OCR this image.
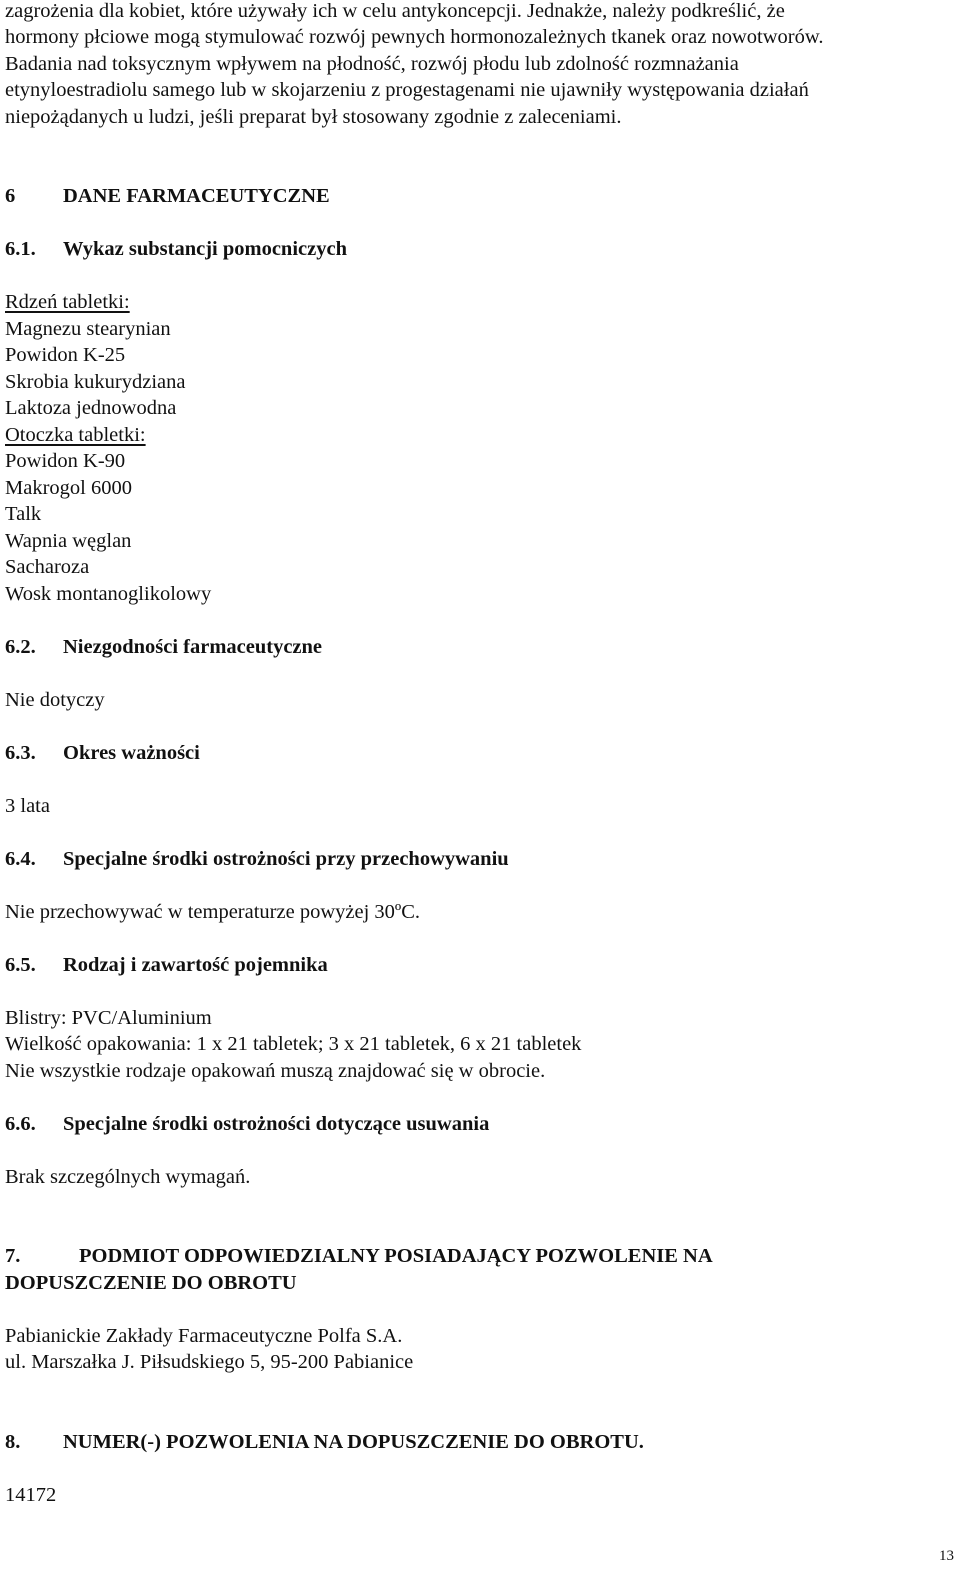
zagrożenia dla kobiet, które używały ich w celu antykoncepcji. Jednakże, należy podkreślić, że
hormony płciowe mogą stymulować rozwój pewnych hormonozależnych tkanek oraz nowotworów.
Badania nad toksycznym wpływem na płodność, rozwój płodu lub zdolność rozmnażania
etynyloestradiolu samego lub w skojarzeniu z progestagenami nie ujawniły występowania działań
niepożądanych u ludzi, jeśli preparat był stosowany zgodnie z zaleceniami.
6 DANE FARMACEUTYCZNE
6.1. Wykaz substancji pomocniczych
Rdzeń tabletki:
Magnezu stearynian
Powidon K-25
Skrobia kukurydziana
Laktoza jednowodna
Otoczka tabletki:
Powidon K-90
Makrogol 6000
Talk
Wapnia węglan
Sacharoza
Wosk montanoglikolowy
6.2. Niezgodności farmaceutyczne
Nie dotyczy
6.3. Okres ważności
3 lata
6.4. Specjalne środki ostrożności przy przechowywaniu
Nie przechowywać w temperaturze powyżej 30ºC.
6.5. Rodzaj i zawartość pojemnika
Blistry: PVC/Aluminium
Wielkość opakowania: 1 x 21 tabletek; 3 x 21 tabletek, 6 x 21 tabletek
Nie wszystkie rodzaje opakowań muszą znajdować się w obrocie.
6.6. Specjalne środki ostrożności dotyczące usuwania
Brak szczególnych wymagań.
7.	PODMIOT ODPOWIEDZIALNY POSIADAJĄCY POZWOLENIE NA
DOPUSZCZENIE DO OBROTU
Pabianickie Zakłady Farmaceutyczne Polfa S.A.
ul. Marszałka J. Piłsudskiego 5, 95-200 Pabianice
8. NUMER(-) POZWOLENIA NA DOPUSZCZENIE DO OBROTU.
14172
13
